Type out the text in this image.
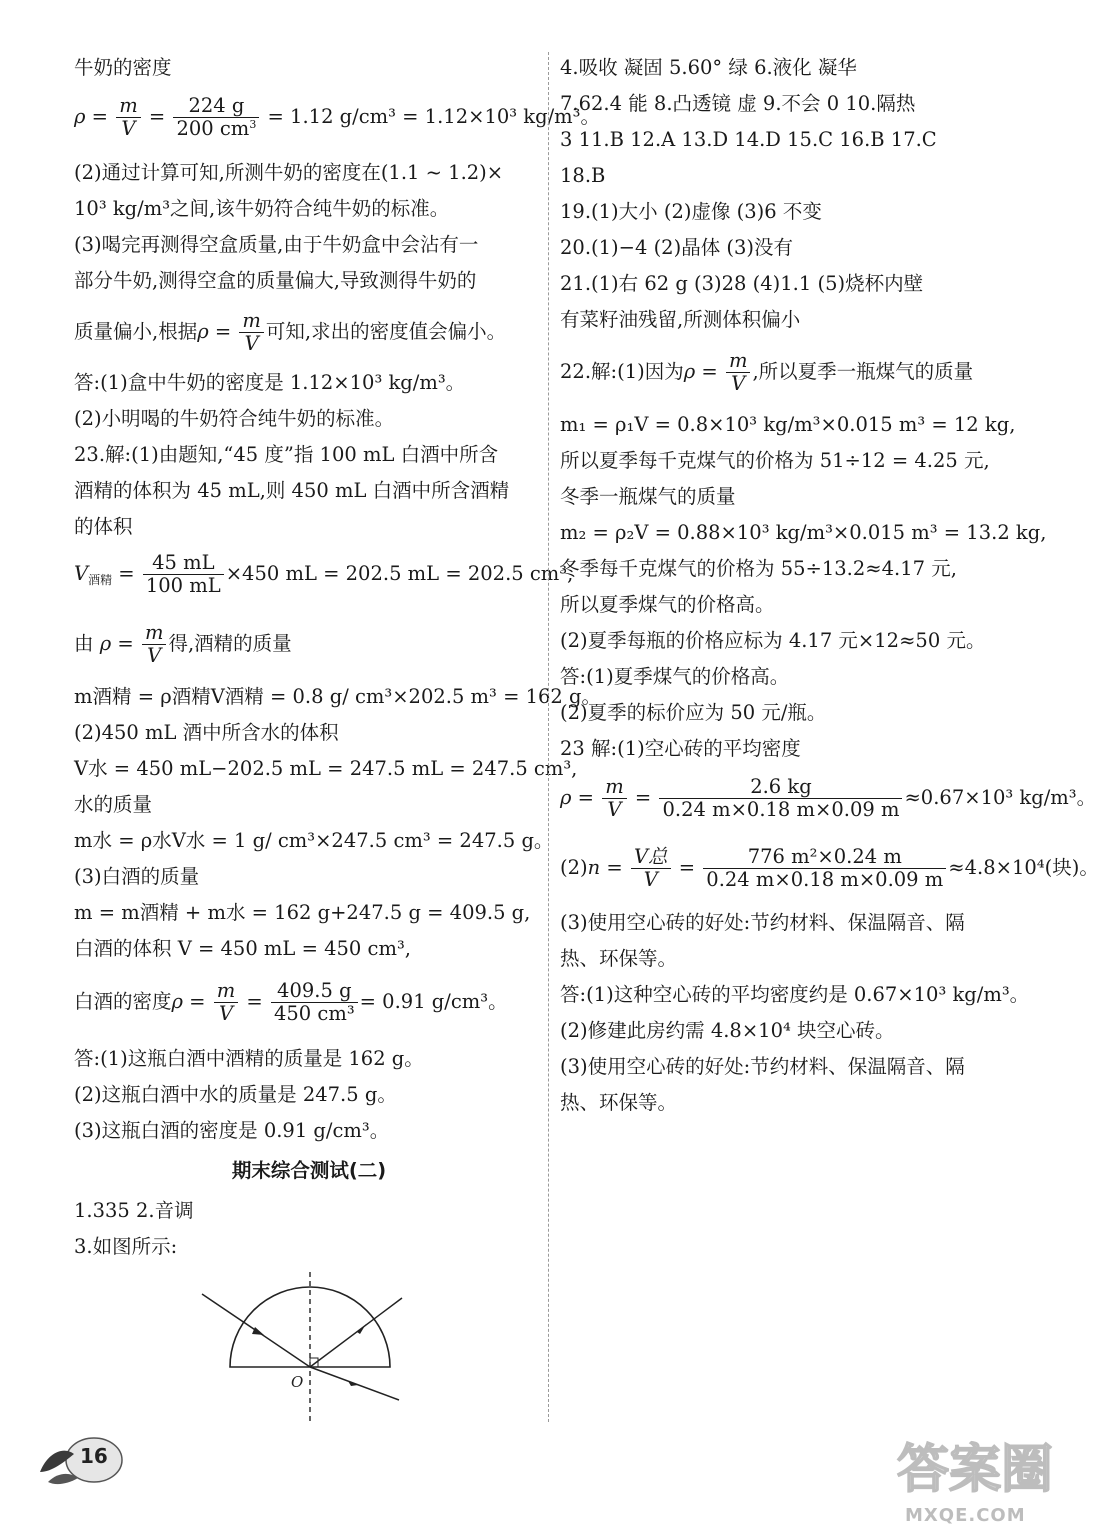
牛奶的密度
$\rho = \frac{m}{V} = \frac{224 g}{200 cm^3} = 1.12$ g/cm³ = 1.12×10³ kg/m³。
(2)通过计算可知,所测牛奶的密度在(1.1 ~ 1.2)×
10³ kg/m³之间,该牛奶符合纯牛奶的标准。
(3)喝完再测得空盒质量,由于牛奶盒中会沾有一
部分牛奶,测得空盒的质量偏大,导致测得牛奶的
质量偏小,根据$\rho = \frac{m}{V}$ 可知,求出的密度值会偏小。
答:(1)盒中牛奶的密度是 1.12×10³ kg/m³。
(2)小明喝的牛奶符合纯牛奶的标准。
23.解:(1)由题知,“45 度”指 100 mL 白酒中所含
酒精的体积为 45 mL,则 450 mL 白酒中所含酒精
的体积
$V_{酒精} = \frac{45 mL}{100 mL} \times 450$ mL = 202.5 mL = 202.5 cm³,
由 $\rho = \frac{m}{V}$ 得,酒精的质量
m酒精 = ρ酒精V酒精 = 0.8 g/ cm³×202.5 m³ = 162 g。
(2)450 mL 酒中所含水的体积
V水 = 450 mL−202.5 mL = 247.5 mL = 247.5 cm³,
水的质量
m水 = ρ水V水 = 1 g/ cm³×247.5 cm³ = 247.5 g。
(3)白酒的质量
m = m酒精 + m水 = 162 g+247.5 g = 409.5 g,
白酒的体积 V = 450 mL = 450 cm³,
白酒的密度$\rho = \frac{m}{V} = \frac{409.5 g}{\text{450 cm³}} = 0.91$ g/cm³。
答:(1)这瓶白酒中酒精的质量是 162 g。
(2)这瓶白酒中水的质量是 247.5 g。
(3)这瓶白酒的密度是 0.91 g/cm³。
期末综合测试(二)
1.335 2.音调
3.如图所示:
O
4.吸收 凝固 5.60° 绿 6.液化 凝华
7.62.4 能 8.凸透镜 虚 9.不会 0 10.隔热
3 11.B 12.A 13.D 14.D 15.C 16.B 17.C
18.B
19.(1)大小 (2)虚像 (3)6 不变
20.(1)−4 (2)晶体 (3)没有
21.(1)右 62 g (3)28 (4)1.1 (5)烧杯内壁
有菜籽油残留,所测体积偏小
22.解:(1)因为$\rho = \frac{m}{V}$ ,所以夏季一瓶煤气的质量
m₁ = ρ₁V = 0.8×10³ kg/m³×0.015 m³ = 12 kg,
所以夏季每千克煤气的价格为 51÷12 = 4.25 元,
冬季一瓶煤气的质量
m₂ = ρ₂V = 0.88×10³ kg/m³×0.015 m³ = 13.2 kg,
冬季每千克煤气的价格为 55÷13.2≈4.17 元,
所以夏季煤气的价格高。
(2)夏季每瓶的价格应标为 4.17 元×12≈50 元。
答:(1)夏季煤气的价格高。
(2)夏季的标价应为 50 元/瓶。
23 解:(1)空心砖的平均密度
$\rho = \frac{m}{V} = \frac{2.6 kg}{0.24 m\times 0.18 m\times 0.09 m} \approx 0.67\times 10^3$ kg/m³。
$(2)n = \frac{\text{V总}}{V} = \frac{\text{776 m²×0.24 m}}{0.24 m\times 0.18 m\times 0.09 m} \approx 4.8\times 10^4$(块)。
(3)使用空心砖的好处:节约材料、保温隔音、隔
热、环保等。
答:(1)这种空心砖的平均密度约是 0.67×10³ kg/m³。
(2)修建此房约需 4.8×10⁴ 块空心砖。
(3)使用空心砖的好处:节约材料、保温隔音、隔
热、环保等。
16	答案圈
MXQE.COM
